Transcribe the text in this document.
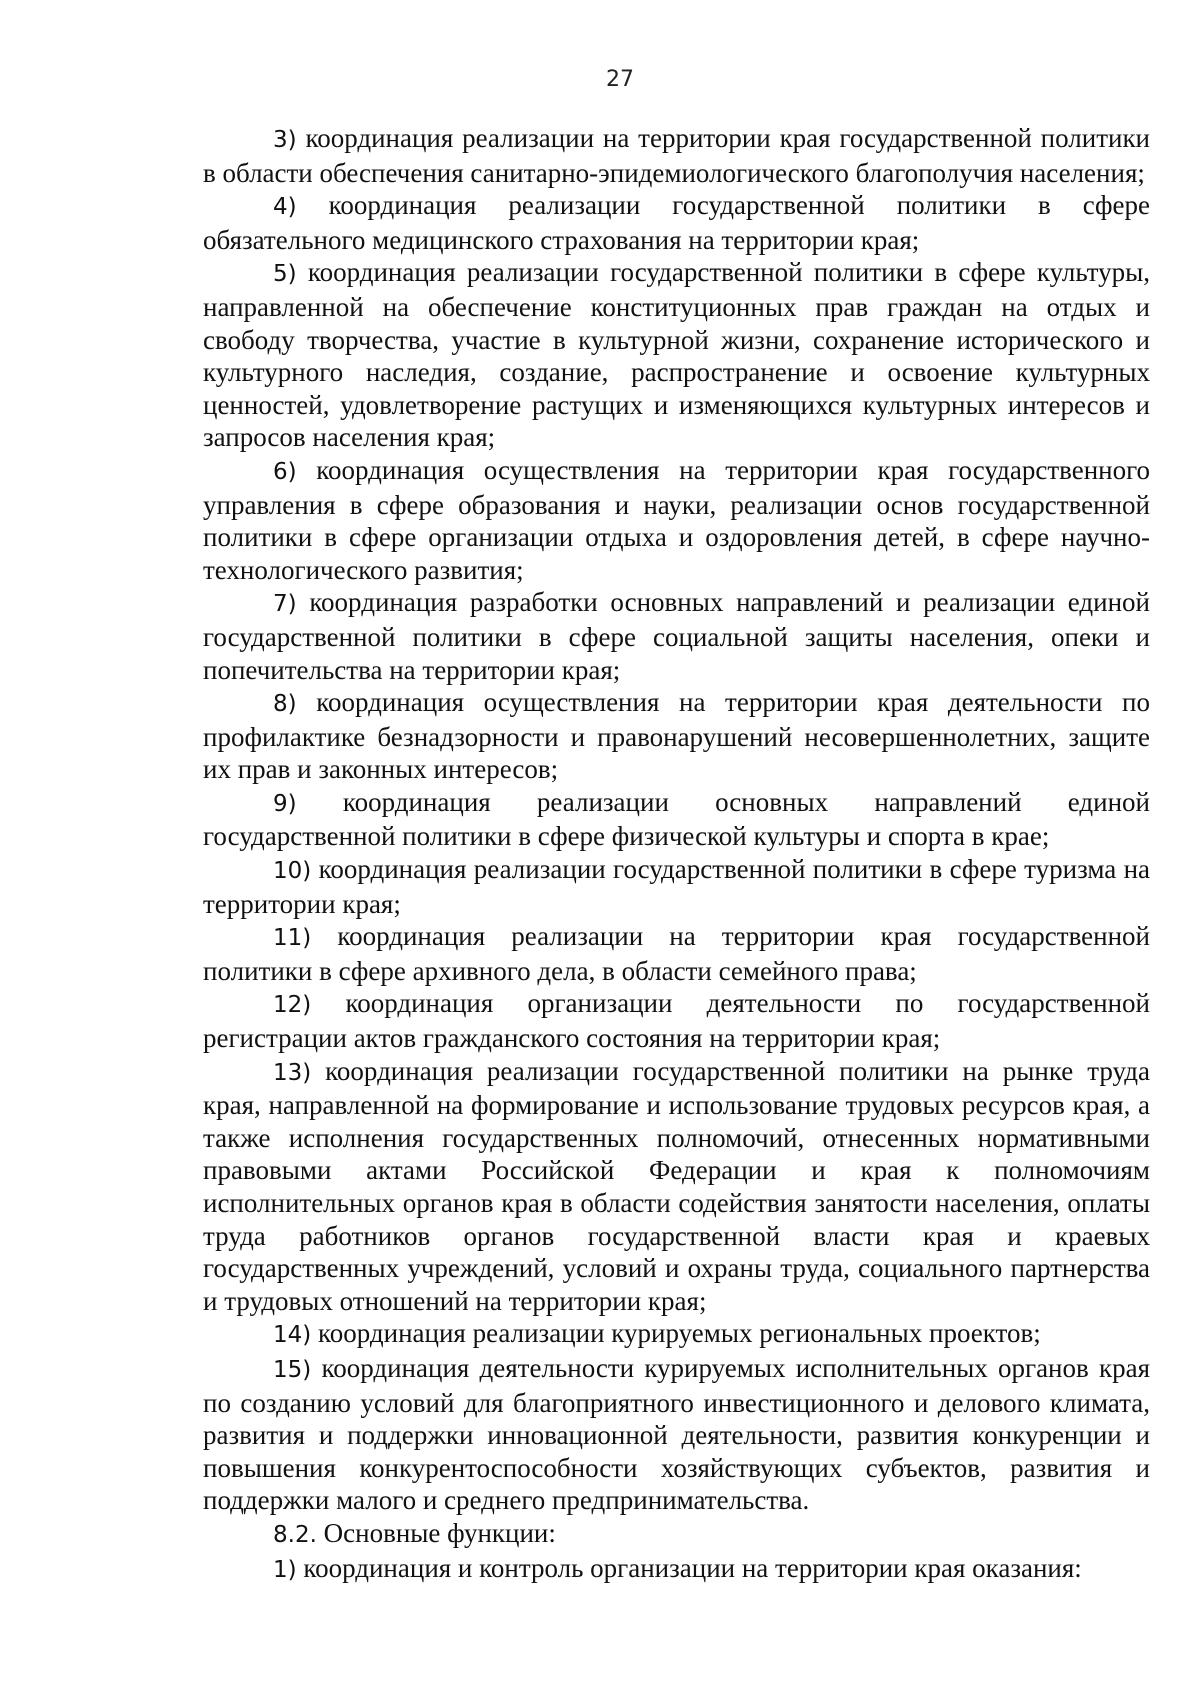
27

3) координация реализации на территории края государственной политики в области обеспечения санитарно-эпидемиологического благополучия населения;

4) координация реализации государственной политики в сфере обязательного медицинского страхования на территории края;

5) координация реализации государственной политики в сфере культуры, направленной на обеспечение конституционных прав граждан на отдых и свободу творчества, участие в культурной жизни, сохранение исторического и культурного наследия, создание, распространение и освоение культурных ценностей, удовлетворение растущих и изменяющихся культурных интересов и запросов населения края;

6) координация осуществления на территории края государственного управления в сфере образования и науки, реализации основ государственной политики в сфере организации отдыха и оздоровления детей, в сфере научно-технологического развития;

7) координация разработки основных направлений и реализации единой государственной политики в сфере социальной защиты населения, опеки и попечительства на территории края;

8) координация осуществления на территории края деятельности по профилактике безнадзорности и правонарушений несовершеннолетних, защите их прав и законных интересов;

9) координация реализации основных направлений единой государственной политики в сфере физической культуры и спорта в крае;

10) координация реализации государственной политики в сфере туризма на территории края;

11) координация реализации на территории края государственной политики в сфере архивного дела, в области семейного права;

12) координация организации деятельности по государственной регистрации актов гражданского состояния на территории края;

13) координация реализации государственной политики на рынке труда края, направленной на формирование и использование трудовых ресурсов края, а также исполнения государственных полномочий, отнесенных нормативными правовыми актами Российской Федерации и края к полномочиям исполнительных органов края в области содействия занятости населения, оплаты труда работников органов государственной власти края и краевых государственных учреждений, условий и охраны труда, социального партнерства и трудовых отношений на территории края;

14) координация реализации курируемых региональных проектов;

15) координация деятельности курируемых исполнительных органов края по созданию условий для благоприятного инвестиционного и делового климата, развития и поддержки инновационной деятельности, развития конкуренции и повышения конкурентоспособности хозяйствующих субъектов, развития и поддержки малого и среднего предпринимательства.

8.2. Основные функции:

1) координация и контроль организации на территории края оказания:
